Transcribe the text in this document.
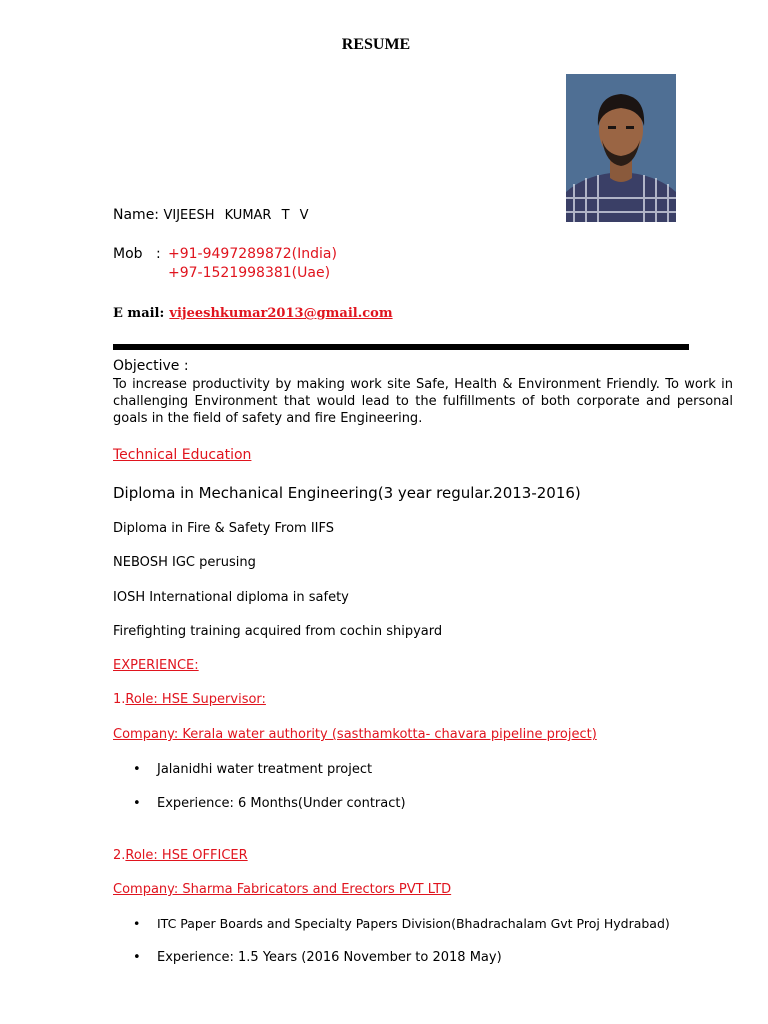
RESUME
Name: VIJEESH KUMAR T V
Mob : +91-9497289872(India)
+97-1521998381(Uae)
E mail: vijeeshkumar2013@gmail.com
Objective :
To increase productivity by making work site Safe, Health & Environment Friendly. To work in challenging Environment that would lead to the fulfillments of both corporate and personal goals in the field of safety and fire Engineering.
Technical Education
Diploma in Mechanical Engineering(3 year regular.2013-2016)
Diploma in Fire & Safety From IIFS
NEBOSH IGC perusing
IOSH International diploma in safety
Firefighting training acquired from cochin shipyard
EXPERIENCE:
1.Role: HSE Supervisor:
Company: Kerala water authority (sasthamkotta- chavara pipeline project)
• Jalanidhi water treatment project
• Experience: 6 Months(Under contract)
2.Role: HSE OFFICER
Company: Sharma Fabricators and Erectors PVT LTD
• ITC Paper Boards and Specialty Papers Division(Bhadrachalam Gvt Proj Hydrabad)
• Experience: 1.5 Years (2016 November to 2018 May)
